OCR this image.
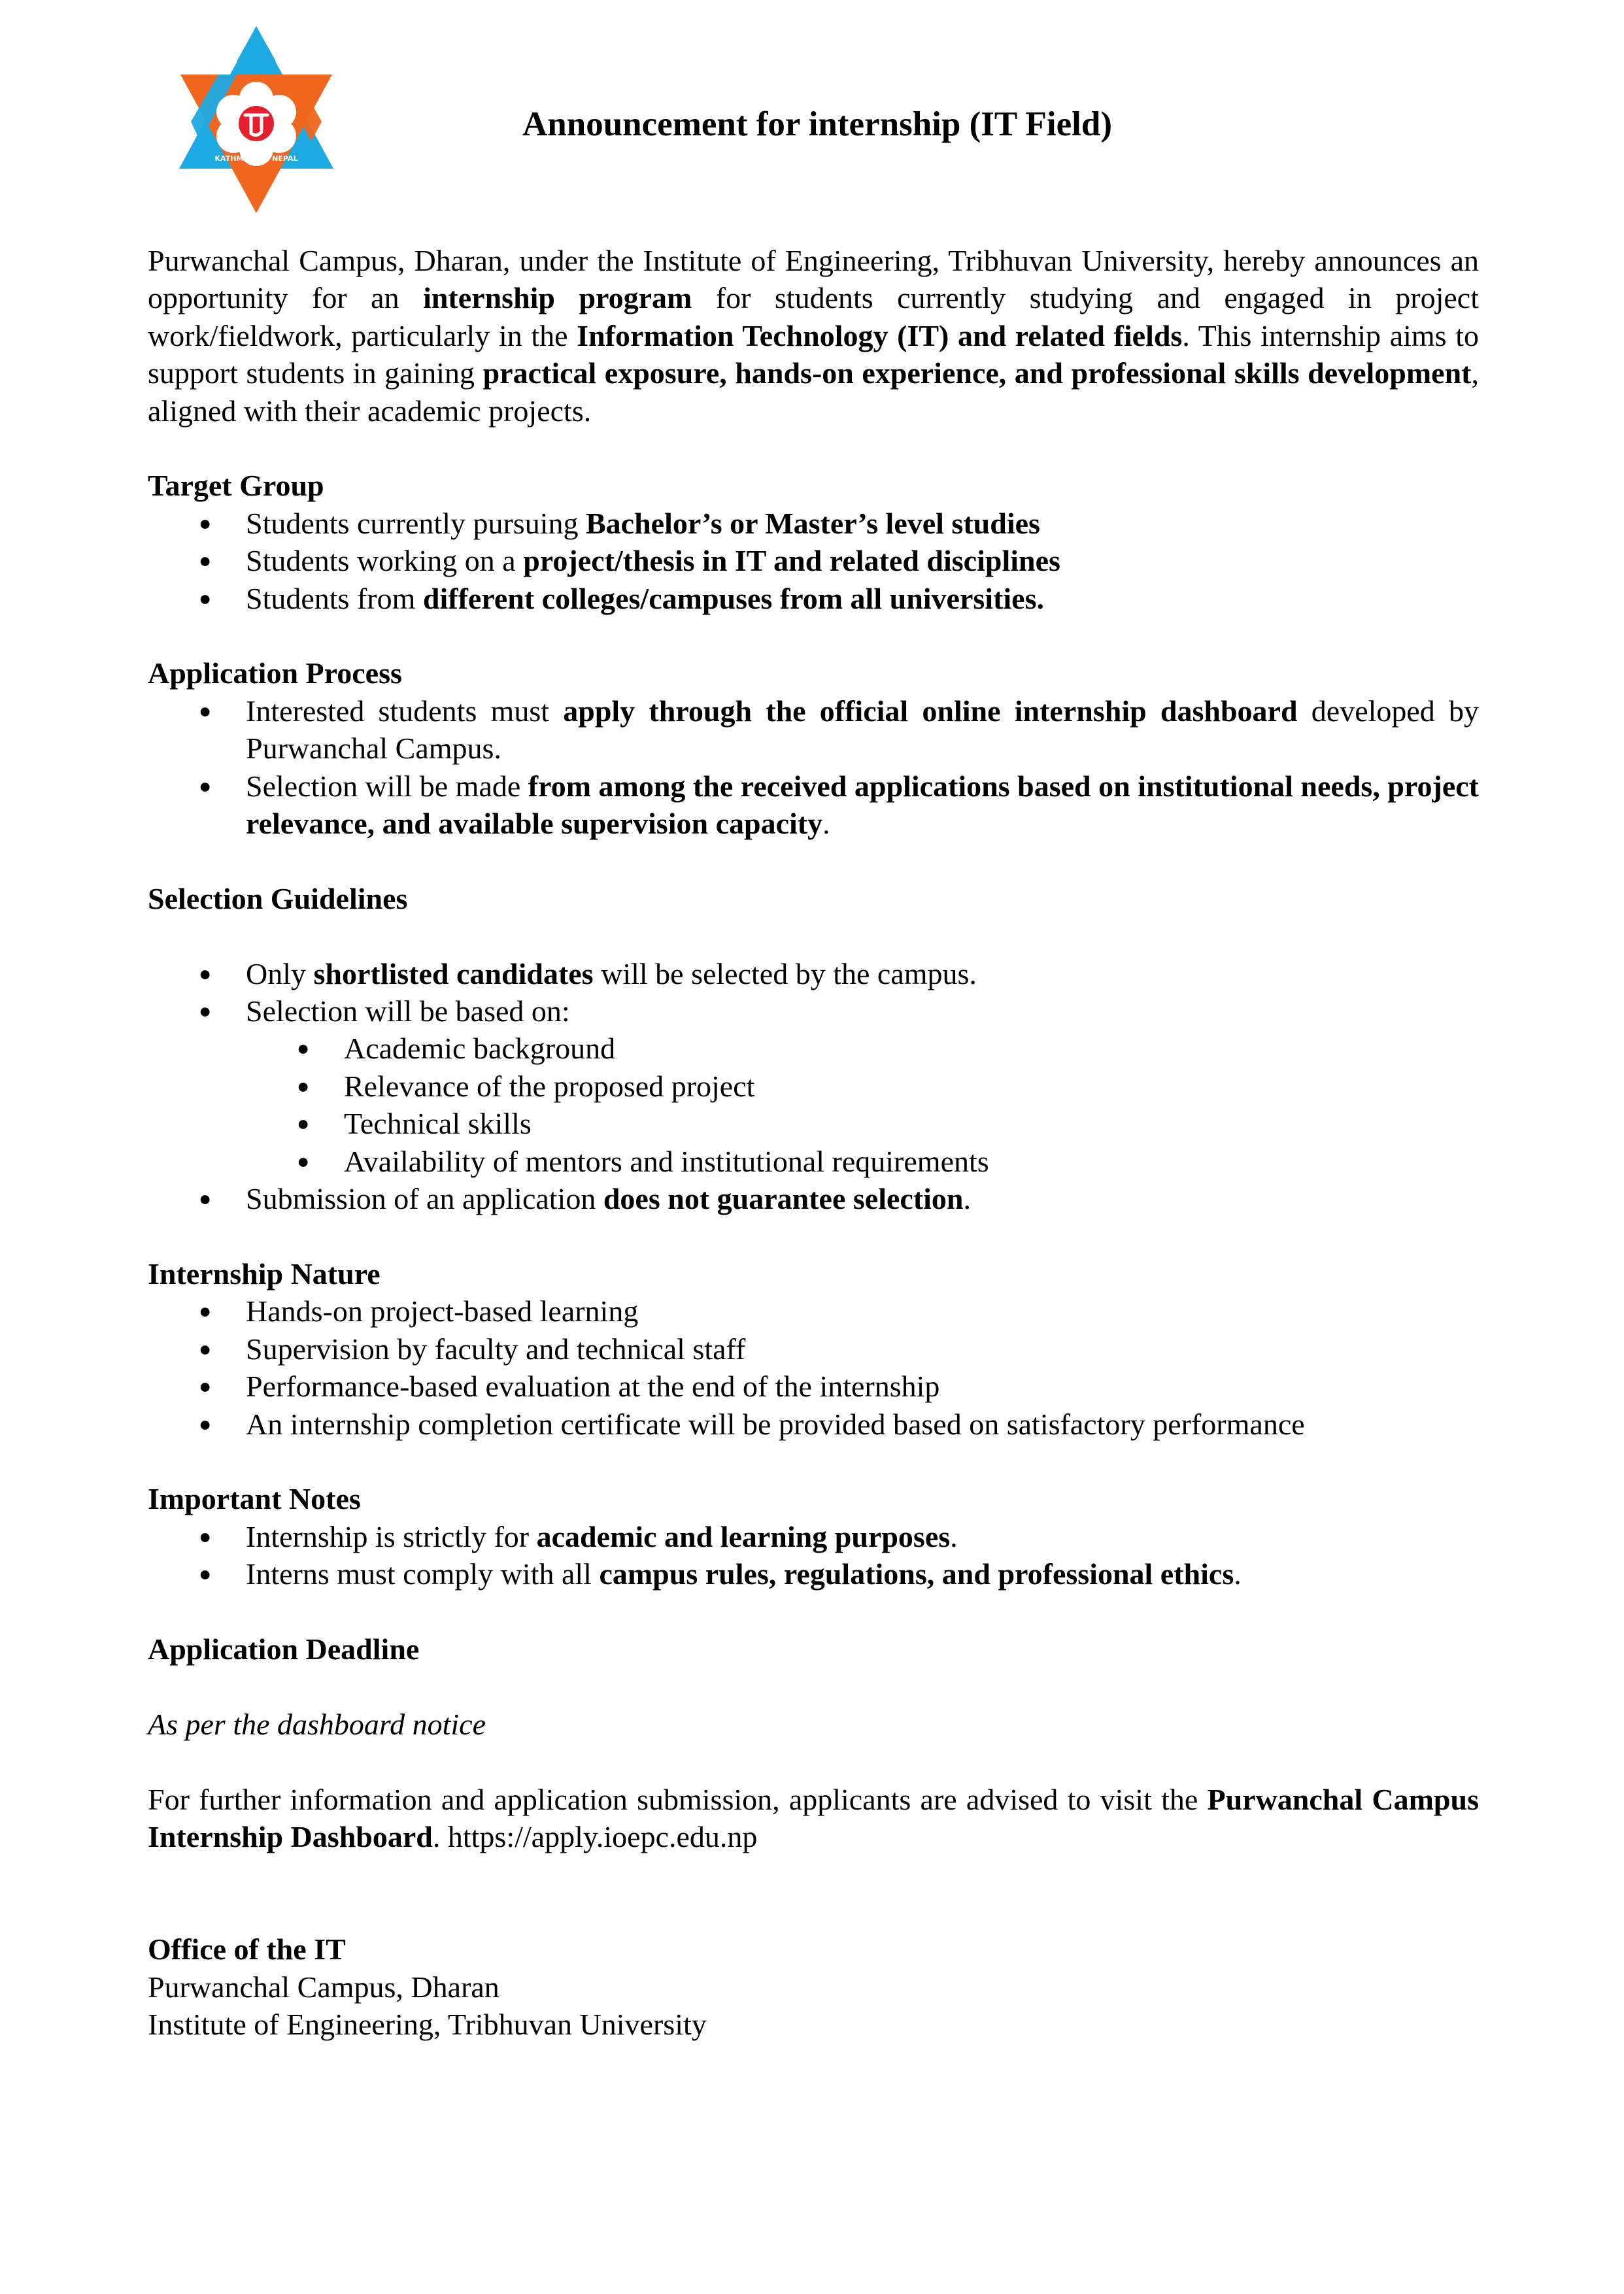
KATHMANDU, NEPAL
Announcement for internship (IT Field)

Purwanchal Campus, Dharan, under the Institute of Engineering, Tribhuvan University, hereby announces an opportunity for an internship program for students currently studying and engaged in project work/fieldwork, particularly in the Information Technology (IT) and related fields. This internship aims to support students in gaining practical exposure, hands-on experience, and professional skills development, aligned with their academic projects.

Target Group

● Students currently pursuing Bachelor’s or Master’s level studies
● Students working on a project/thesis in IT and related disciplines
● Students from different colleges/campuses from all universities.

Application Process

● Interested students must apply through the official online internship dashboard developed by Purwanchal Campus.
● Selection will be made from among the received applications based on institutional needs, project relevance, and available supervision capacity.

Selection Guidelines

● Only shortlisted candidates will be selected by the campus.
● Selection will be based on:
● Academic background
● Relevance of the proposed project
● Technical skills
● Availability of mentors and institutional requirements
● Submission of an application does not guarantee selection.

Internship Nature

● Hands-on project-based learning
● Supervision by faculty and technical staff
● Performance-based evaluation at the end of the internship
● An internship completion certificate will be provided based on satisfactory performance

Important Notes

● Internship is strictly for academic and learning purposes.
● Interns must comply with all campus rules, regulations, and professional ethics.

Application Deadline

As per the dashboard notice

For further information and application submission, applicants are advised to visit the Purwanchal Campus Internship Dashboard. https://apply.ioepc.edu.np

Office of the IT

Purwanchal Campus, Dharan

Institute of Engineering, Tribhuvan University
